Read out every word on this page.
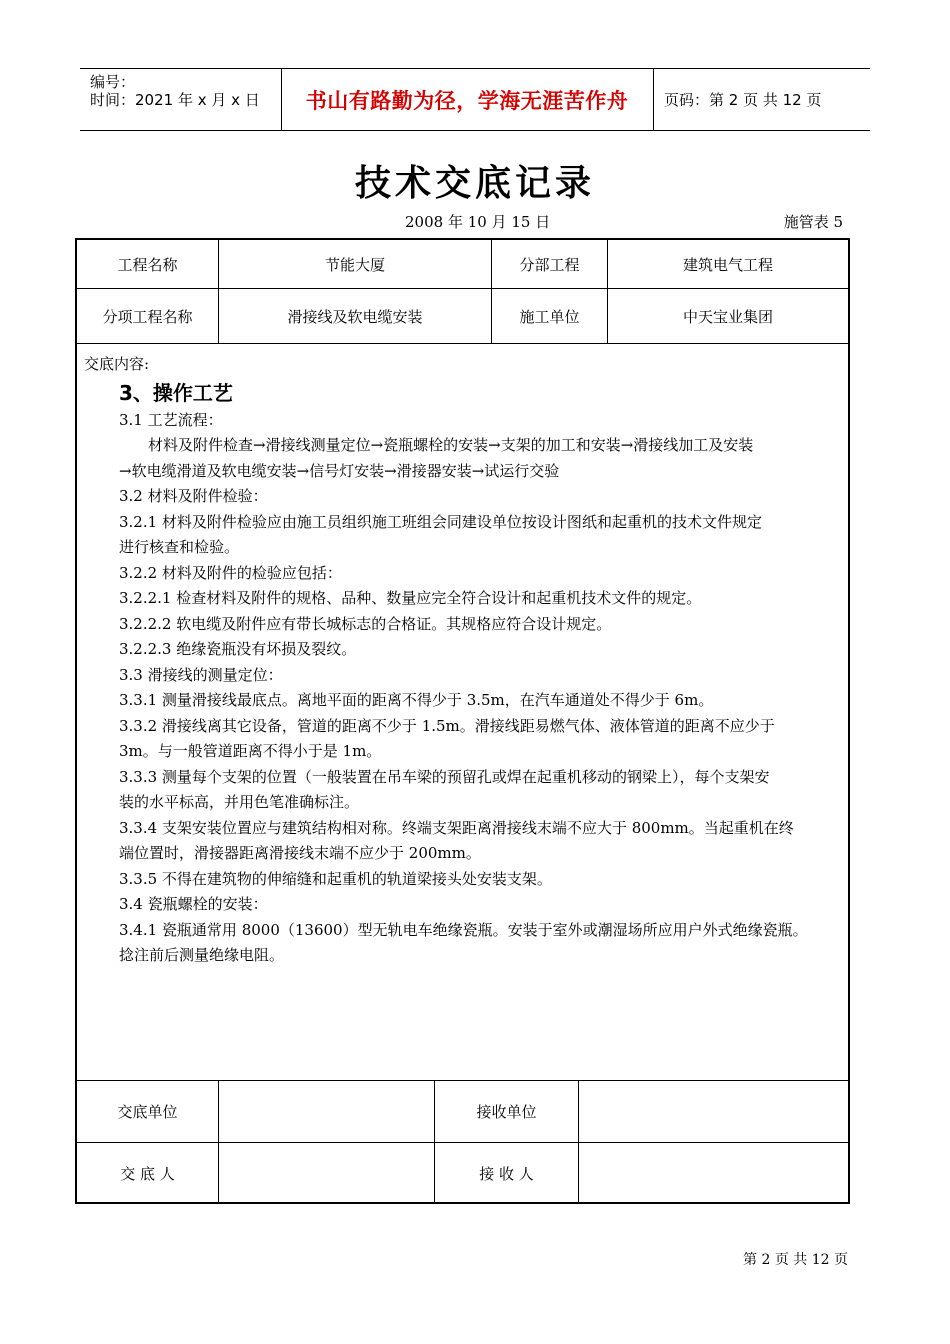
编号：
时间：2021 年 x 月 x 日 书山有路勤为径，学海无涯苦作舟 页码：第 2 页 共 12 页
技术交底记录
2008 年 10 月 15 日	施管表 5
工程名称	节能大厦	分部工程	建筑电气工程
分项工程名称	滑接线及软电缆安装	施工单位	中天宝业集团
交底单位	接收单位
交 底 人	接 收 人

交底内容:

3、操作工艺

3.1 工艺流程：

材料及附件检查→滑接线测量定位→瓷瓶螺栓的安装→支架的加工和安装→滑接线加工及安装

→软电缆滑道及软电缆安装→信号灯安装→滑接器安装→试运行交验

3.2 材料及附件检验：

3.2.1 材料及附件检验应由施工员组织施工班组会同建设单位按设计图纸和起重机的技术文件规定

进行核查和检验。

3.2.2 材料及附件的检验应包括：

3.2.2.1 检查材料及附件的规格、品种、数量应完全符合设计和起重机技术文件的规定。

3.2.2.2 软电缆及附件应有带长城标志的合格证。其规格应符合设计规定。

3.2.2.3 绝缘瓷瓶没有坏损及裂纹。

3.3 滑接线的测量定位：

3.3.1 测量滑接线最底点。离地平面的距离不得少于 3.5m，在汽车通道处不得少于 6m。

3.3.2 滑接线离其它设备，管道的距离不少于 1.5m。滑接线距易燃气体、液体管道的距离不应少于

3m。与一般管道距离不得小于是 1m。

3.3.3 测量每个支架的位置（一般装置在吊车梁的预留孔或焊在起重机移动的钢梁上），每个支架安

装的水平标高，并用色笔准确标注。

3.3.4 支架安装位置应与建筑结构相对称。终端支架距离滑接线末端不应大于 800mm。当起重机在终

端位置时，滑接器距离滑接线末端不应少于 200mm。

3.3.5 不得在建筑物的伸缩缝和起重机的轨道梁接头处安装支架。

3.4 瓷瓶螺栓的安装：

3.4.1 瓷瓶通常用 8000（13600）型无轨电车绝缘瓷瓶。安装于室外或潮湿场所应用户外式绝缘瓷瓶。

捻注前后测量绝缘电阻。

第 2 页 共 12 页
